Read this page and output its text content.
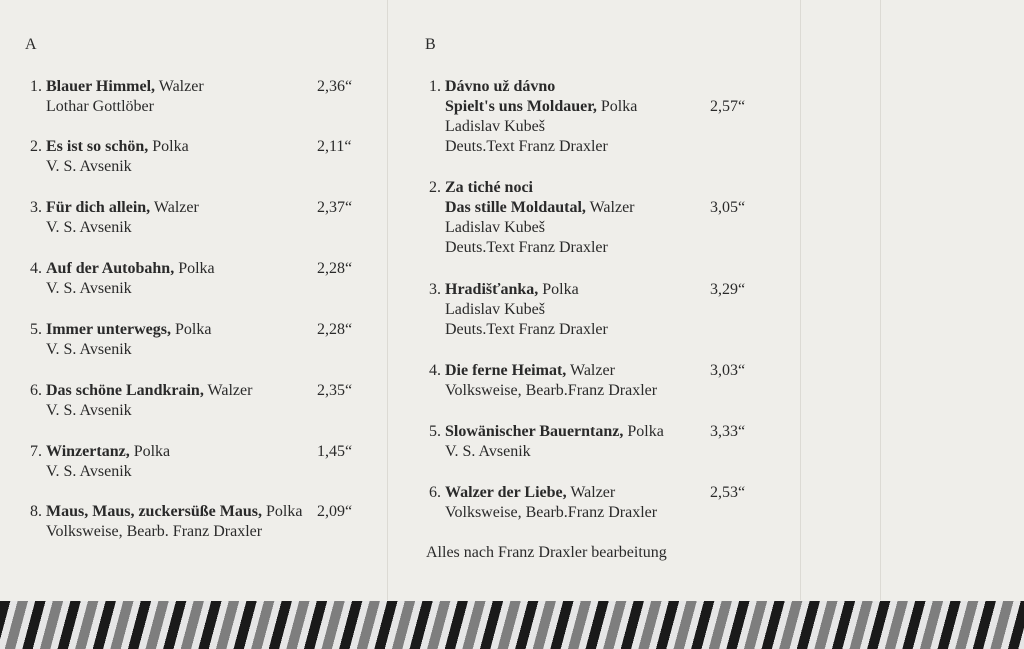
A
1. Blauer Himmel, Walzer
Lothar Gottlöber
2,36“
2. Es ist so schön, Polka
V. S. Avsenik
2,11“
3. Für dich allein, Walzer
V. S. Avsenik
2,37“
4. Auf der Autobahn, Polka
V. S. Avsenik
2,28“
5. Immer unterwegs, Polka
V. S. Avsenik
2,28“
6. Das schöne Landkrain, Walzer
V. S. Avsenik
2,35“
7. Winzertanz, Polka
V. S. Avsenik
1,45“
8. Maus, Maus, zuckersüße Maus, Polka
Volksweise, Bearb. Franz Draxler
2,09“
B
1. Dávno už dávno
Spielt's uns Moldauer, Polka
Ladislav Kubeš
Deuts.Text Franz Draxler
2,57“
2. Za tiché noci
Das stille Moldautal, Walzer
Ladislav Kubeš
Deuts.Text Franz Draxler
3,05“
3. Hradišťanka, Polka
Ladislav Kubeš
Deuts.Text Franz Draxler
3,29“
4. Die ferne Heimat, Walzer
Volksweise, Bearb.Franz Draxler
3,03“
5. Slowänischer Bauerntanz, Polka
V. S. Avsenik
3,33“
6. Walzer der Liebe, Walzer
Volksweise, Bearb.Franz Draxler
2,53“
Alles nach Franz Draxler bearbeitung
